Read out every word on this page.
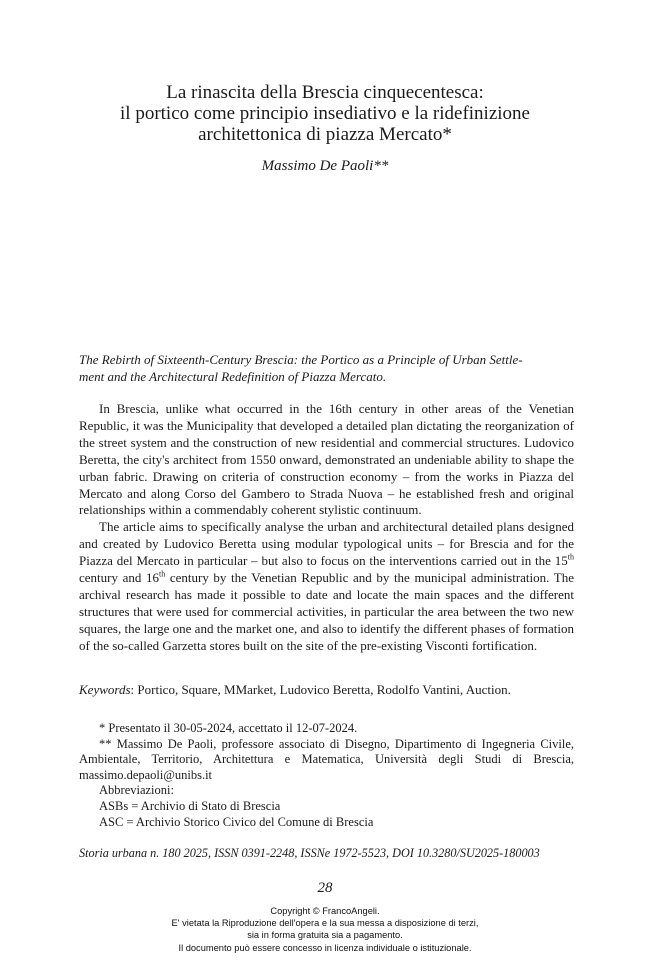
La rinascita della Brescia cinquecentesca:
il portico come principio insediativo e la ridefinizione
architettonica di piazza Mercato*
Massimo De Paoli**
The Rebirth of Sixteenth-Century Brescia: the Portico as a Principle of Urban Settle-
ment and the Architectural Redefinition of Piazza Mercato.

In Brescia, unlike what occurred in the 16th century in other areas of the Venetian Republic, it was the Municipality that developed a detailed plan dictating the reorganization of the street system and the construction of new residential and commercial structures. Ludovico Beretta, the city's architect from 1550 onward, demonstrated an undeniable ability to shape the urban fabric. Drawing on criteria of construction economy – from the works in Piazza del Mercato and along Corso del Gambero to Strada Nuova – he established fresh and original relationships within a commendably coherent stylistic continuum.

The article aims to specifically analyse the urban and architectural detailed plans designed and created by Ludovico Beretta using modular typological units – for Brescia and for the Piazza del Mercato in particular – but also to focus on the interventions carried out in the 15th century and 16th century by the Venetian Republic and by the municipal administration. The archival research has made it possible to date and locate the main spaces and the different structures that were used for commercial activities, in particular the area between the two new squares, the large one and the market one, and also to identify the different phases of formation of the so-called Garzetta stores built on the site of the pre-existing Visconti fortification.

Keywords: Portico, Square, MMarket, Ludovico Beretta, Rodolfo Vantini, Auction.
* Presentato il 30-05-2024, accettato il 12-07-2024.
** Massimo De Paoli, professore associato di Disegno, Dipartimento di Ingegneria Civile, Ambientale, Territorio, Architettura e Matematica, Università degli Studi di Brescia, massimo.depaoli@unibs.it
Abbreviazioni:
ASBs = Archivio di Stato di Brescia
ASC = Archivio Storico Civico del Comune di Brescia
Storia urbana n. 180 2025, ISSN 0391-2248, ISSNe 1972-5523, DOI 10.3280/SU2025-180003
28
Copyright © FrancoAngeli.
E' vietata la Riproduzione dell'opera e la sua messa a disposizione di terzi,
sia in forma gratuita sia a pagamento.
Il documento può essere concesso in licenza individuale o istituzionale.
